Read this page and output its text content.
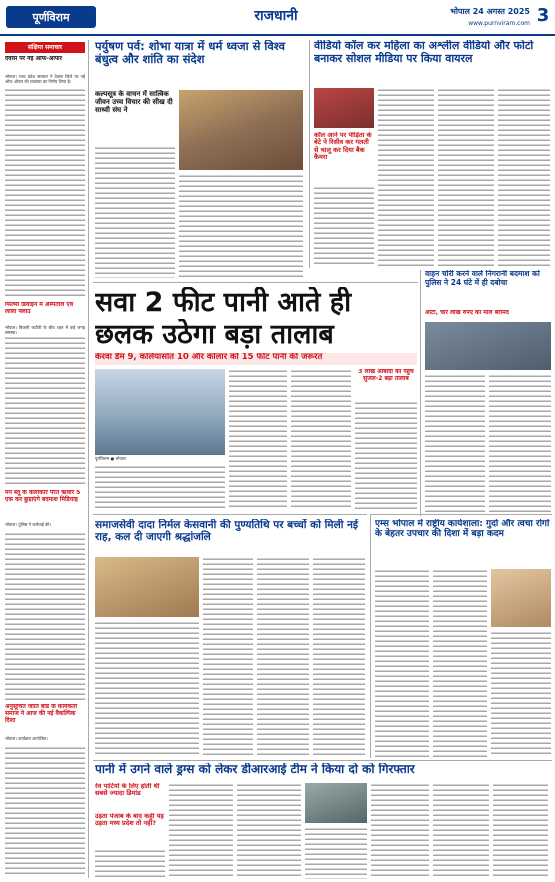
पूर्णविराम	राजधानी	भोपाल 24 अगस्त 2025
www.purnviram.com 3
संक्षिप्त समाचार
देवास पर नई ऑफ-ऑफर
भोपाल। मध्य प्रदेश सरकार ने देवास जिले पर नई ऑफ ऑफर की व्यवस्था का निर्णय लिया है।
फिल्मी डिवाइन में अस्पताल एवं लाला फ्लाउ
भोपाल। बिजली कटौती के बीच शहर में कई जगह समस्या।
मैन ब्लू के कलाकार पैरत ऋधीर 5 एक कर छुड़ाएंगे बदमाश मिडियाह
भोपाल। पुलिस ने कार्रवाई की।
अनुसूचित जाति बोर्ड के कार्यकर्ता समाज ने आज की नई वैकल्पिक दिशा
भोपाल। कार्यक्रम आयोजित।
पर्युषण पर्व: शोभा यात्रा में धर्म ध्वजा से विश्व बंधुत्व और शांति का संदेश
कल्पसूत्र के वाचन में सात्विक जीवन उच्च विचार की सीख दी साध्वी संघ ने
वीडियो कॉल कर महिला का अश्लील वीडियो और फोटो बनाकर सोशल मीडिया पर किया वायरल
कॉल आने पर पीड़िता के बेटे ने रिसीव कर गलती से चालू कर दिया बैक कैमरा
वाहन चोरी करने वाले निगरानी बदमाश को पुलिस ने 24 घंटे में ही दबोचा
ऑटो, चार लाख रुपए का माल बरामद
सवा 2 फीट पानी आते ही
छलक उठेगा बड़ा तालाब
केरवा डैम 9, कलियासोत 10 और कोलार को 15 फीट पानी की जरूरत
पूर्णविराम ● भोपाल
3 लाख आबादी को पहुंच सुजल-2 बड़ा तालाब
समाजसेवी दादा निर्मल केसवानी की पुण्यतिथि पर बच्चों को मिली नई राह, कल दी जाएगी श्रद्धांजलि
एम्स भोपाल में राष्ट्रीय कार्यशाला: गुर्दा और त्वचा रोगों के बेहतर उपचार की दिशा में बड़ा कदम
पानी में उगने वाले ड्रग्स को लेकर डीआरआई टीम ने किया दो को गिरफ्तार
रेव पार्टियों के लिए होती थी सबसे ज्यादा डिमांड
उड़ता पंजाब के बाद कहीं यह उड़ता मध्य प्रदेश तो नहीं?
